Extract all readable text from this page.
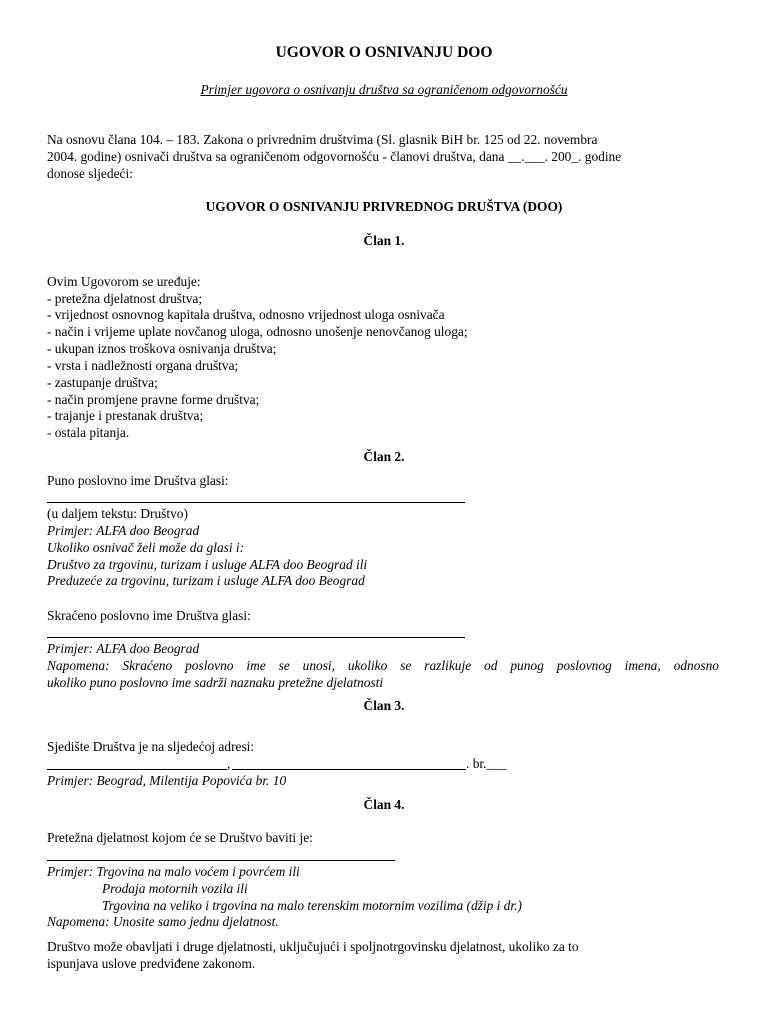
UGOVOR O OSNIVANJU DOO
Primjer ugovora o osnivanju društva sa ograničenom odgovornošću
Na osnovu člana 104. – 183. Zakona o privrednim društvima (Sl. glasnik BiH br. 125 od 22. novembra
2004. godine) osnivači društva sa ograničenom odgovornošću - članovi društva, dana __.___. 200_. godine
donose sljedeći:
UGOVOR O OSNIVANJU PRIVREDNOG DRUŠTVA (DOO)
Član 1.
Ovim Ugovorom se uređuje:
- pretežna djelatnost društva;
- vrijednost osnovnog kapitala društva, odnosno vrijednost uloga osnivača
- način i vrijeme uplate novčanog uloga, odnosno unošenje nenovčanog uloga;
- ukupan iznos troškova osnivanja društva;
- vrsta i nadležnosti organa društva;
- zastupanje društva;
- način promjene pravne forme društva;
- trajanje i prestanak društva;
- ostala pitanja.
Član 2.
Puno poslovno ime Društva glasi:
(u daljem tekstu: Društvo)
Primjer: ALFA doo Beograd
Ukoliko osnivač želi može da glasi i:
Društvo za trgovinu, turizam i usluge ALFA doo Beograd ili
Preduzeće za trgovinu, turizam i usluge ALFA doo Beograd
Skraćeno poslovno ime Društva glasi:
Primjer: ALFA doo Beograd
Napomena: Skraćeno poslovno ime se unosi, ukoliko se razlikuje od punog poslovnog imena, odnosno
ukoliko puno poslovno ime sadrži naznaku pretežne djelatnosti
Član 3.
Sjedište Društva je na sljedećoj adresi:
,	. br.___
Primjer: Beograd, Milentija Popovića br. 10
Član 4.
Pretežna djelatnost kojom će se Društvo baviti je:
Primjer: Trgovina na malo voćem i povrćem ili
Prodaja motornih vozila ili
Trgovina na veliko i trgovina na malo terenskim motornim vozilima (džip i dr.)
Napomena: Unosite samo jednu djelatnost.
Društvo može obavljati i druge djelatnosti, uključujući i spoljnotrgovinsku djelatnost, ukoliko za to
ispunjava uslove predviđene zakonom.
